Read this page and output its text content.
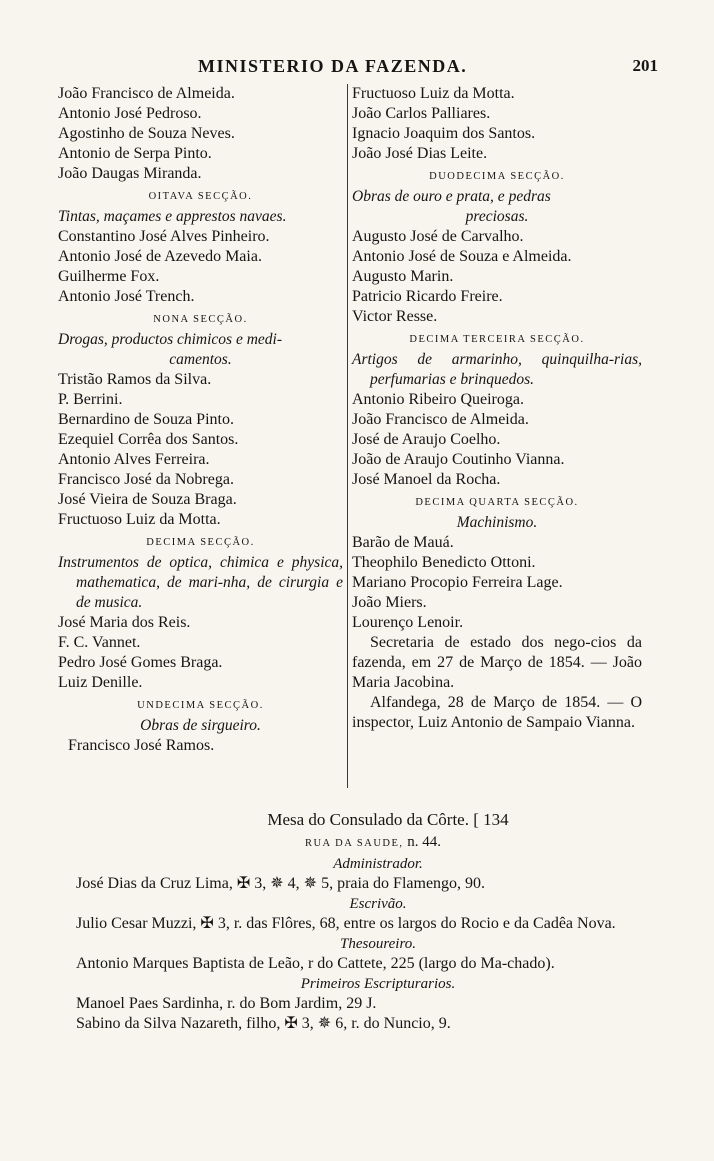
MINISTERIO DA FAZENDA.	201
João Francisco de Almeida.
Antonio José Pedroso.
Agostinho de Souza Neves.
Antonio de Serpa Pinto.
João Daugas Miranda.
OITAVA SECÇÃO.
Tintas, maçames e apprestos navaes.
Constantino José Alves Pinheiro.
Antonio José de Azevedo Maia.
Guilherme Fox.
Antonio José Trench.
NONA SECÇÃO.
Drogas, productos chimicos e medi-
camentos.
Tristão Ramos da Silva.
P. Berrini.
Bernardino de Souza Pinto.
Ezequiel Corrêa dos Santos.
Antonio Alves Ferreira.
Francisco José da Nobrega.
José Vieira de Souza Braga.
Fructuoso Luiz da Motta.
DECIMA SECÇÃO.
Instrumentos de optica, chimica e physica, mathematica, de mari-nha, de cirurgia e de musica.
José Maria dos Reis.
F. C. Vannet.
Pedro José Gomes Braga.
Luiz Denille.
UNDECIMA SECÇÃO.
Obras de sirgueiro.
Francisco José Ramos.
Fructuoso Luiz da Motta.
João Carlos Palliares.
Ignacio Joaquim dos Santos.
João José Dias Leite.
DUODECIMA SECÇÃO.
Obras de ouro e prata, e pedras
preciosas.
Augusto José de Carvalho.
Antonio José de Souza e Almeida.
Augusto Marin.
Patricio Ricardo Freire.
Victor Resse.
DECIMA TERCEIRA SECÇÃO.
Artigos de armarinho, quinquilha-rias, perfumarias e brinquedos.
Antonio Ribeiro Queiroga.
João Francisco de Almeida.
José de Araujo Coelho.
João de Araujo Coutinho Vianna.
José Manoel da Rocha.
DECIMA QUARTA SECÇÃO.
Machinismo.
Barão de Mauá.
Theophilo Benedicto Ottoni.
Mariano Procopio Ferreira Lage.
João Miers.
Lourenço Lenoir.
Secretaria de estado dos nego-cios da fazenda, em 27 de Março de 1854. — João Maria Jacobina.
Alfandega, 28 de Março de 1854. — O inspector, Luiz Antonio de Sampaio Vianna.
Mesa do Consulado da Côrte. [ 134
RUA DA SAUDE, n. 44.
Administrador.
José Dias da Cruz Lima, ✠ 3, ✵ 4, ✵ 5, praia do Flamengo, 90.
Escrivão.
Julio Cesar Muzzi, ✠ 3, r. das Flôres, 68, entre os largos do Rocio e da Cadêa Nova.
Thesoureiro.
Antonio Marques Baptista de Leão, r do Cattete, 225 (largo do Ma-chado).
Primeiros Escripturarios.
Manoel Paes Sardinha, r. do Bom Jardim, 29 J.
Sabino da Silva Nazareth, filho, ✠ 3, ✵ 6, r. do Nuncio, 9.
